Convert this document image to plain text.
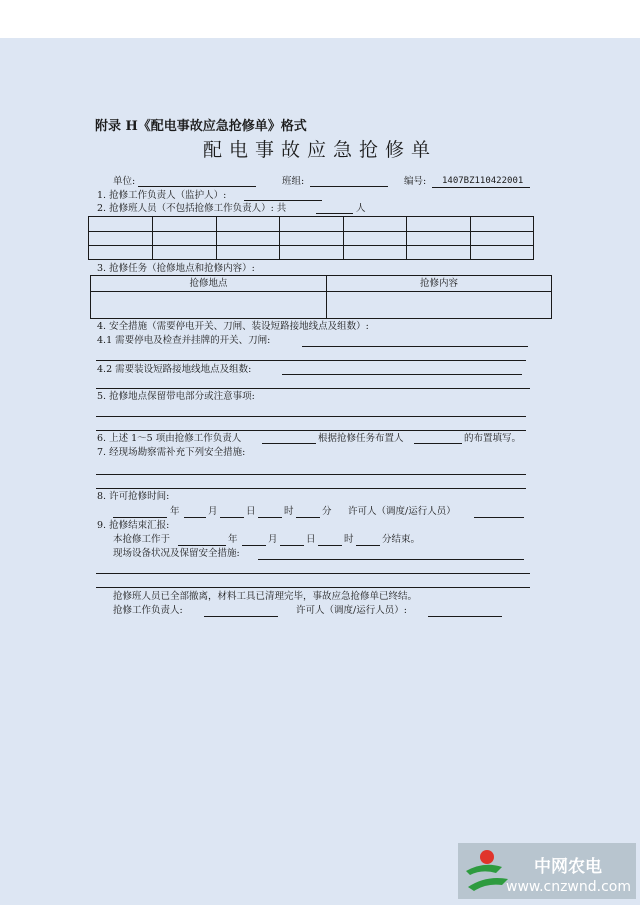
附录 H《配电事故应急抢修单》格式
配电事故应急抢修单
单位:	班组:	编号: 1407BZ110422001
1. 抢修工作负责人（监护人）:
2. 抢修班人员（不包括抢修工作负责人）: 共	人
3. 抢修任务（抢修地点和抢修内容）:
抢修地点	抢修内容
4. 安全措施（需要停电开关、刀闸、装设短路接地线点及组数）:
4.1 需要停电及检查并挂牌的开关、刀闸:
4.2 需要装设短路接地线地点及组数:
5. 抢修地点保留带电部分或注意事项:
6. 上述 1～5 项由抢修工作负责人	根据抢修任务布置人	的布置填写。
7. 经现场勘察需补充下列安全措施:
8. 许可抢修时间:
年	月	日	时	分 许可人（调度/运行人员）
9. 抢修结束汇报:
本抢修工作于	年	月	日	时	分结束。
现场设备状况及保留安全措施:
抢修班人员已全部撤离，材料工具已清理完毕，事故应急抢修单已终结。
抢修工作负责人:	许可人（调度/运行人员）:
中网农电
www.cnzwnd.com
